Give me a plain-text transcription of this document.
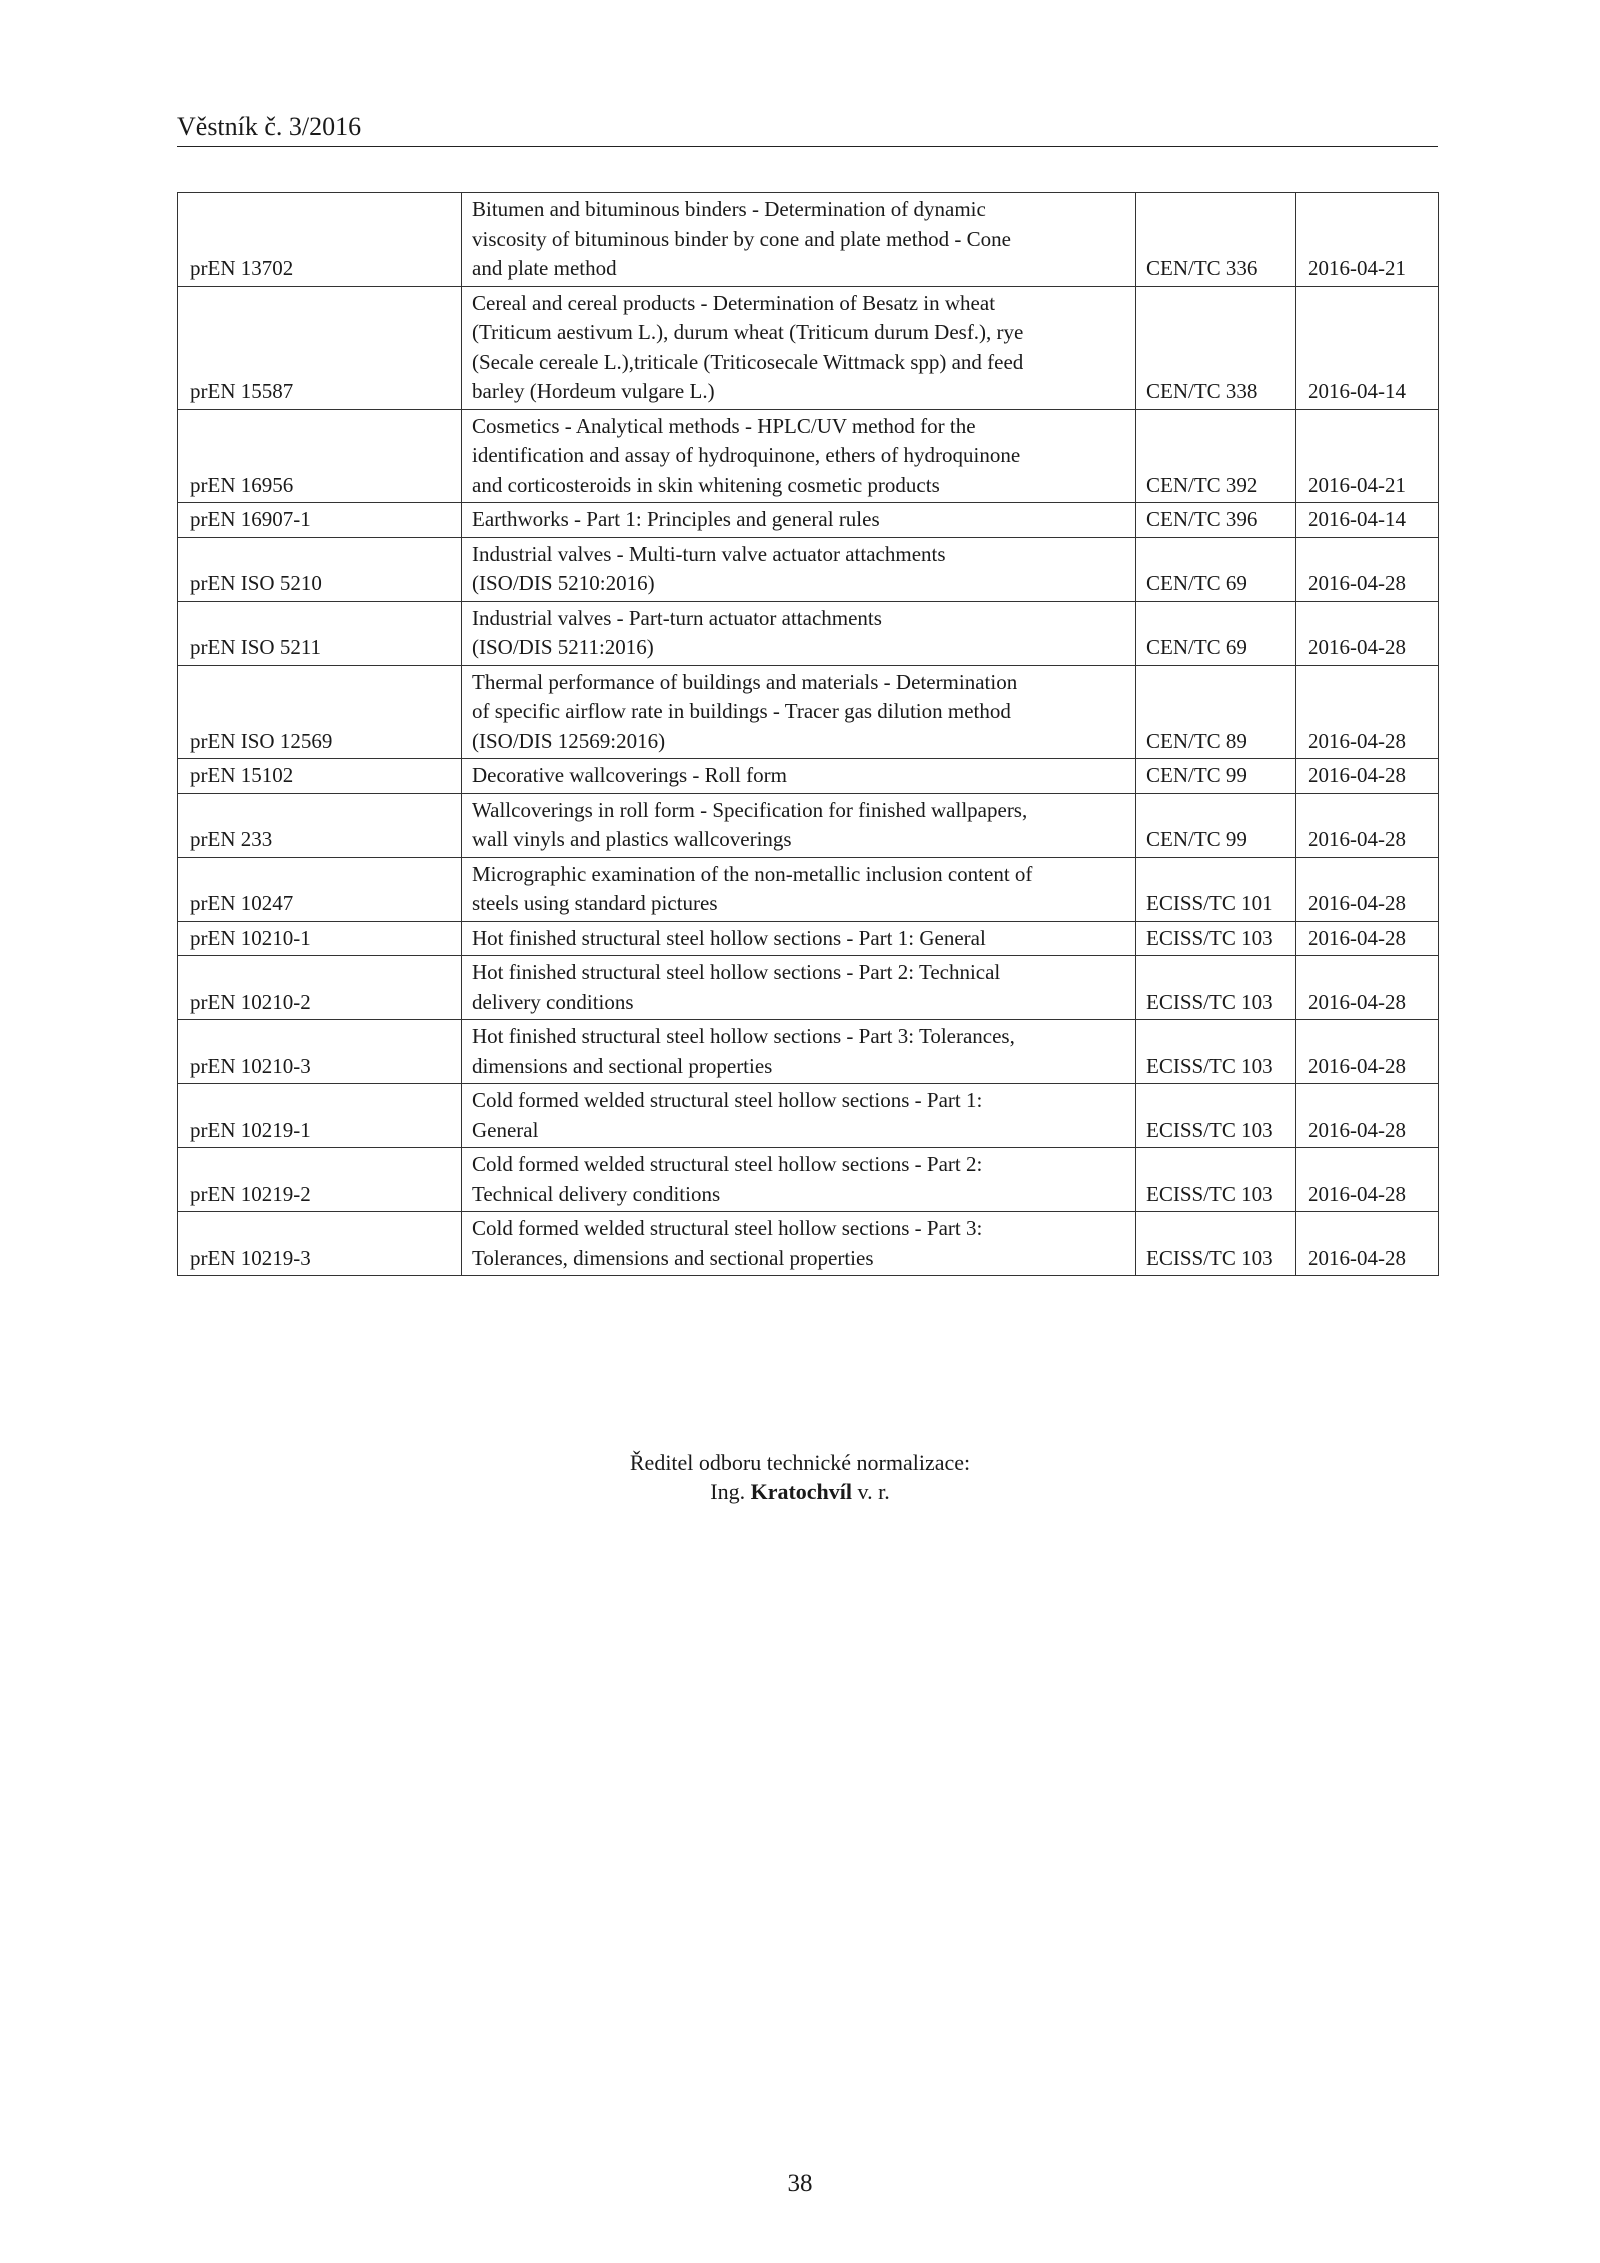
Věstník č. 3/2016
prEN 13702	Bitumen and bituminous binders - Determination of dynamic
viscosity of bituminous binder by cone and plate method - Cone
and plate method	CEN/TC 336	2016-04-21
prEN 15587	Cereal and cereal products - Determination of Besatz in wheat
(Triticum aestivum L.), durum wheat (Triticum durum Desf.), rye
(Secale cereale L.),triticale (Triticosecale Wittmack spp) and feed
barley (Hordeum vulgare L.)	CEN/TC 338	2016-04-14
prEN 16956	Cosmetics - Analytical methods - HPLC/UV method for the
identification and assay of hydroquinone, ethers of hydroquinone
and corticosteroids in skin whitening cosmetic products	CEN/TC 392	2016-04-21
prEN 16907-1	Earthworks - Part 1: Principles and general rules	CEN/TC 396	2016-04-14
prEN ISO 5210	Industrial valves - Multi-turn valve actuator attachments
(ISO/DIS 5210:2016)	CEN/TC 69	2016-04-28
prEN ISO 5211	Industrial valves - Part-turn actuator attachments
(ISO/DIS 5211:2016)	CEN/TC 69	2016-04-28
prEN ISO 12569	Thermal performance of buildings and materials - Determination
of specific airflow rate in buildings - Tracer gas dilution method
(ISO/DIS 12569:2016)	CEN/TC 89	2016-04-28
prEN 15102	Decorative wallcoverings - Roll form	CEN/TC 99	2016-04-28
prEN 233	Wallcoverings in roll form - Specification for finished wallpapers,
wall vinyls and plastics wallcoverings	CEN/TC 99	2016-04-28
prEN 10247	Micrographic examination of the non-metallic inclusion content of
steels using standard pictures	ECISS/TC 101	2016-04-28
prEN 10210-1	Hot finished structural steel hollow sections - Part 1: General	ECISS/TC 103	2016-04-28
prEN 10210-2	Hot finished structural steel hollow sections - Part 2: Technical
delivery conditions	ECISS/TC 103	2016-04-28
prEN 10210-3	Hot finished structural steel hollow sections - Part 3: Tolerances,
dimensions and sectional properties	ECISS/TC 103	2016-04-28
prEN 10219-1	Cold formed welded structural steel hollow sections - Part 1:
General	ECISS/TC 103	2016-04-28
prEN 10219-2	Cold formed welded structural steel hollow sections - Part 2:
Technical delivery conditions	ECISS/TC 103	2016-04-28
prEN 10219-3	Cold formed welded structural steel hollow sections - Part 3:
Tolerances, dimensions and sectional properties	ECISS/TC 103	2016-04-28
Ředitel odboru technické normalizace:
Ing. Kratochvíl v. r.
38
